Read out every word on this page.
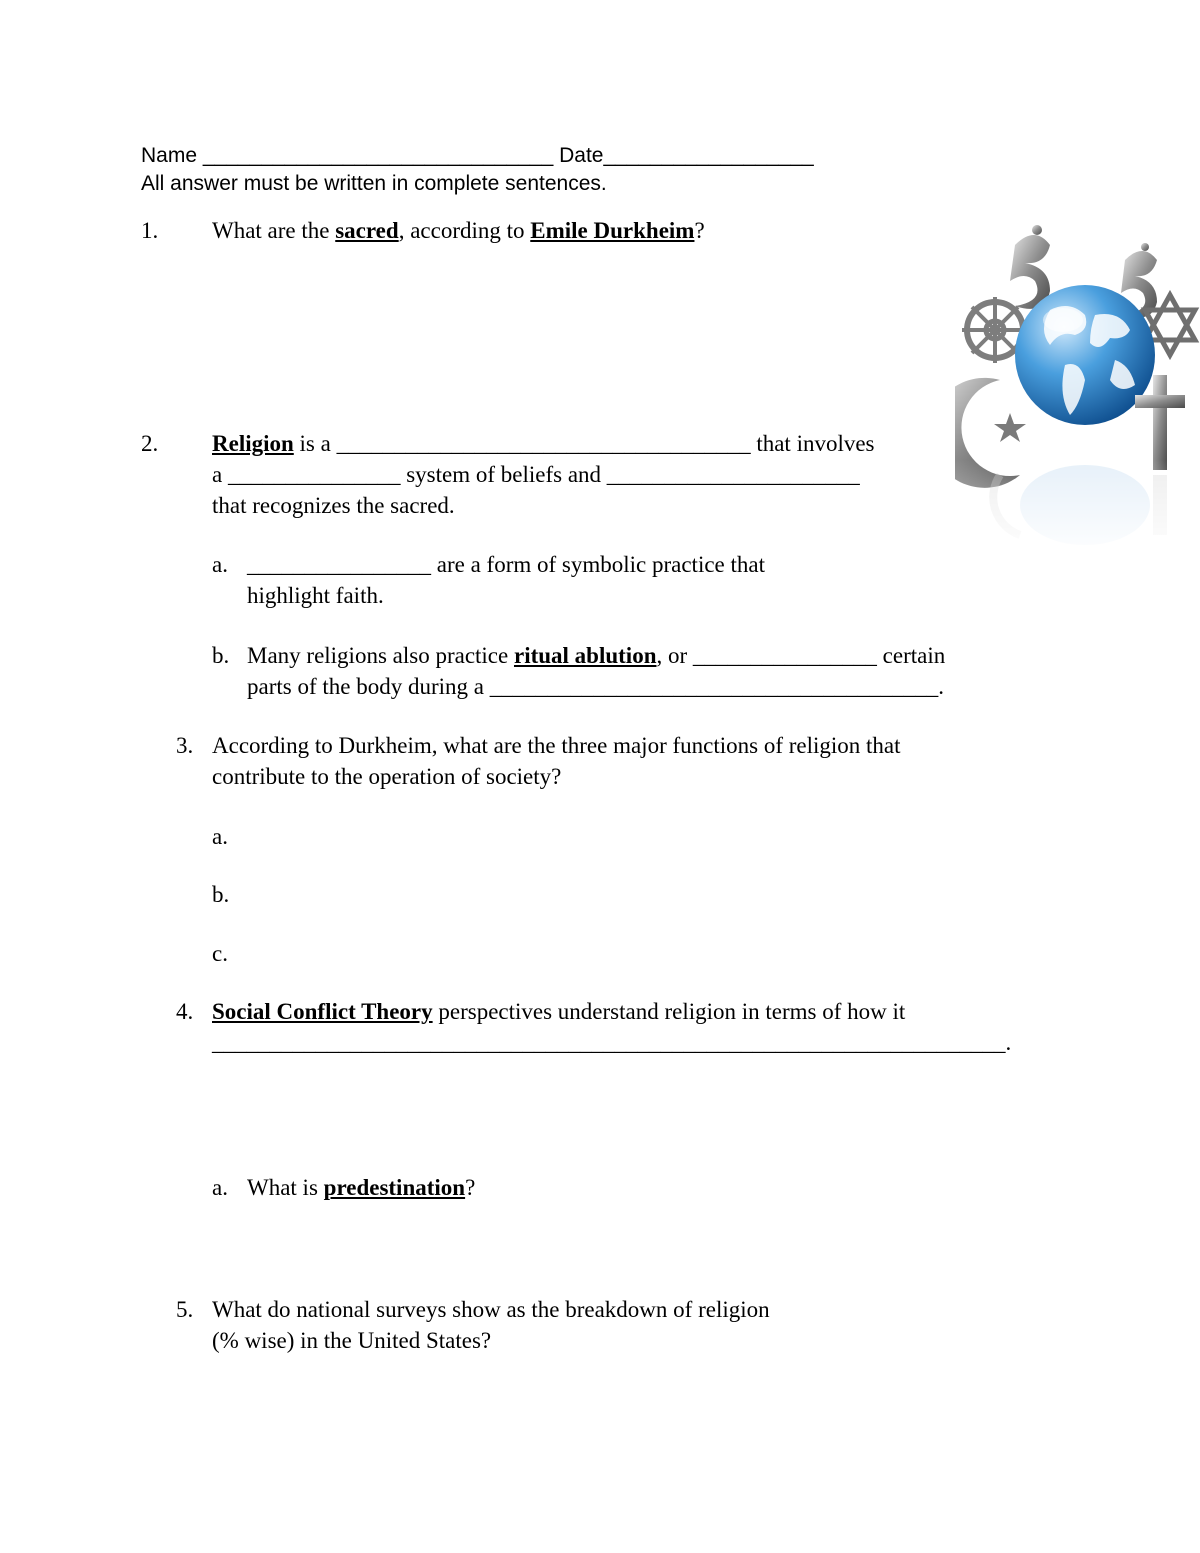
Name ______________________________ Date__________________
All answer must be written in complete sentences.
1. What are the sacred, according to Emile Durkheim?
2. Religion is a ____________________________________ that involves
a _______________ system of beliefs and ______________________
that recognizes the sacred.
a. ________________ are a form of symbolic practice that
highlight faith.
b. Many religions also practice ritual ablution, or ________________ certain
parts of the body during a _______________________________________.
3. According to Durkheim, what are the three major functions of religion that
contribute to the operation of society?
a.
b.
c.
4. Social Conflict Theory perspectives understand religion in terms of how it
_____________________________________________________________________.
a. What is predestination?
5. What do national surveys show as the breakdown of religion
(% wise) in the United States?
